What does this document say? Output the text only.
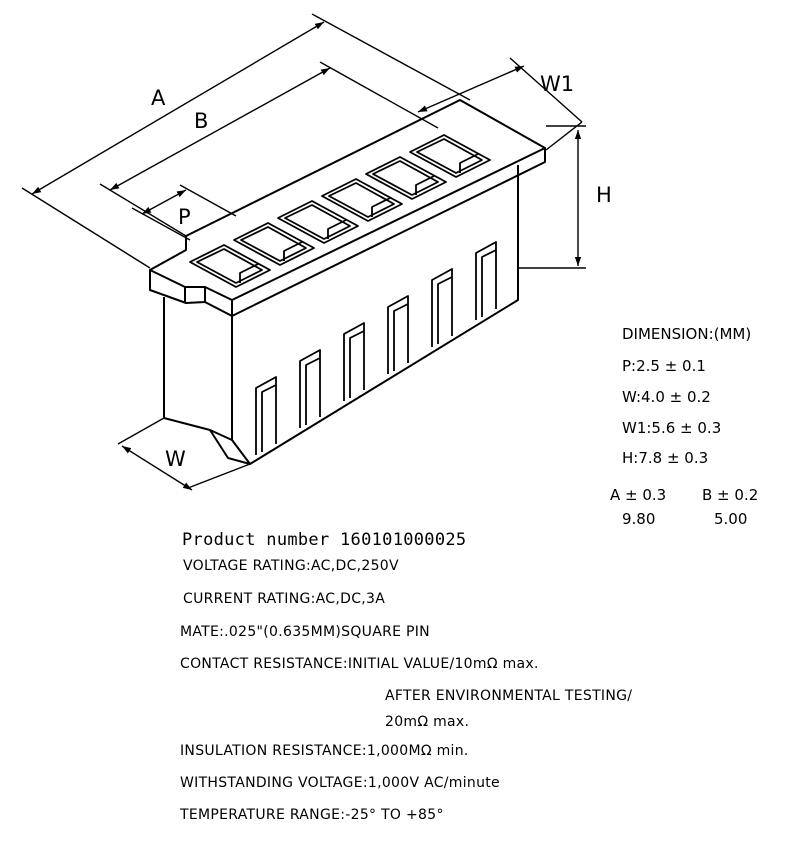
A
B
P
W1
H
W
DIMENSION:(MM)
P:2.5 ± 0.1
W:4.0 ± 0.2
W1:5.6 ± 0.3
H:7.8 ± 0.3
A ± 0.3 B ± 0.2
9.80	5.00
Product number 160101000025
VOLTAGE RATING:AC,DC,250V
CURRENT RATING:AC,DC,3A
MATE:.025"(0.635MM)SQUARE PIN
CONTACT RESISTANCE:INITIAL VALUE/10mΩ max.
AFTER ENVIRONMENTAL TESTING/
20mΩ max.
INSULATION RESISTANCE:1,000MΩ min.
WITHSTANDING VOLTAGE:1,000V AC/minute
TEMPERATURE RANGE:-25° TO +85°
